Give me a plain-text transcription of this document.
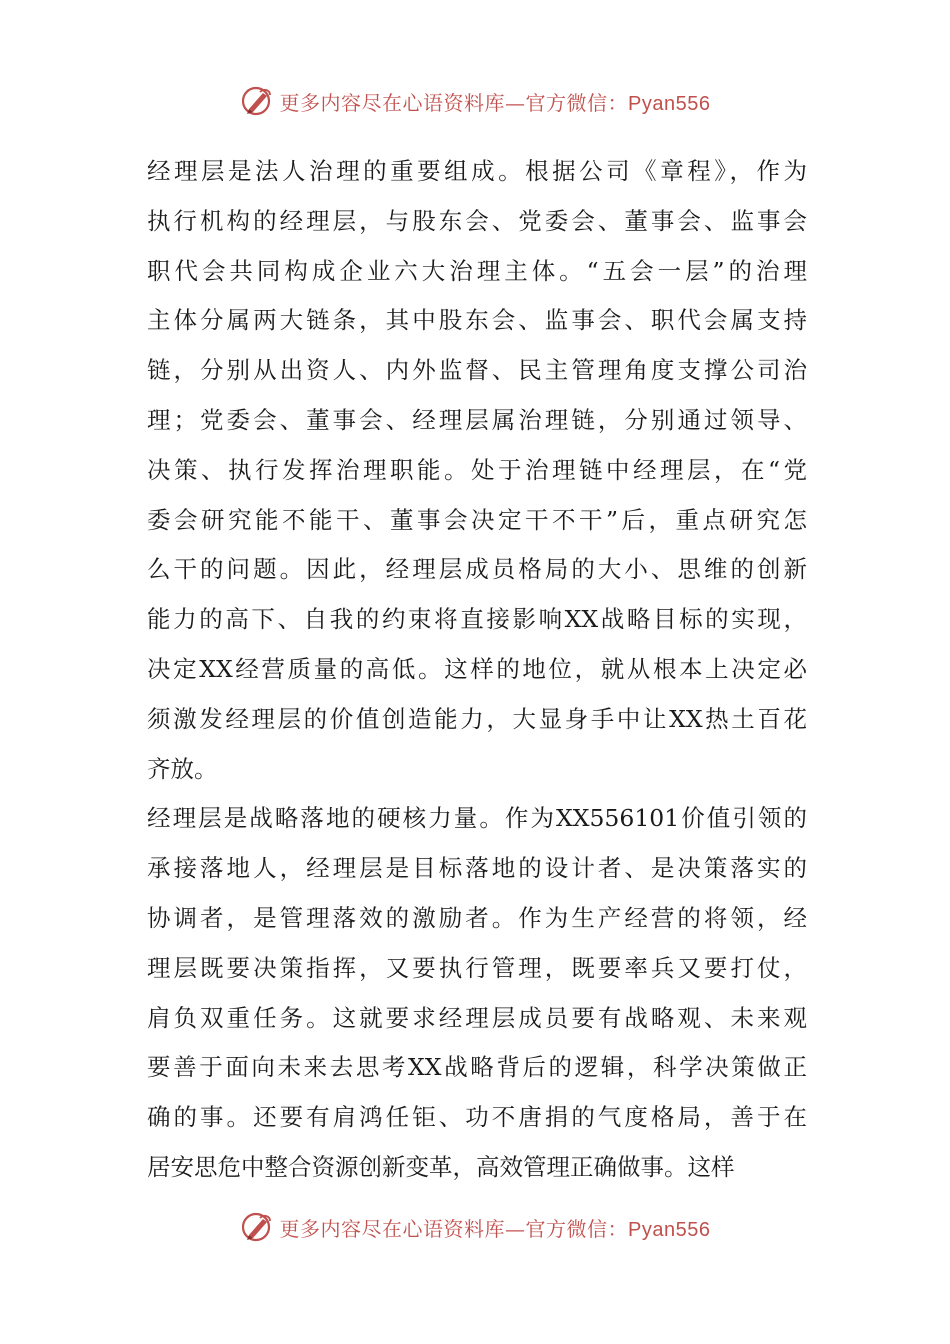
更多内容尽在心语资料库—官方微信：Pyan556
经理层是法人治理的重要组成。根据公司《章程》，作为
执行机构的经理层，与股东会、党委会、董事会、监事会
职代会共同构成企业六大治理主体。“五会一层”的治理
主体分属两大链条，其中股东会、监事会、职代会属支持
链，分别从出资人、内外监督、民主管理角度支撑公司治
理；党委会、董事会、经理层属治理链，分别通过领导、
决策、执行发挥治理职能。处于治理链中经理层，在“党
委会研究能不能干、董事会决定干不干”后，重点研究怎
么干的问题。因此，经理层成员格局的大小、思维的创新
能力的高下、自我的约束将直接影响XX战略目标的实现，
决定XX经营质量的高低。这样的地位，就从根本上决定必
须激发经理层的价值创造能力，大显身手中让XX热土百花
齐放。
经理层是战略落地的硬核力量。作为XX556101价值引领的
承接落地人，经理层是目标落地的设计者、是决策落实的
协调者，是管理落效的激励者。作为生产经营的将领，经
理层既要决策指挥，又要执行管理，既要率兵又要打仗，
肩负双重任务。这就要求经理层成员要有战略观、未来观
要善于面向未来去思考XX战略背后的逻辑，科学决策做正
确的事。还要有肩鸿任钜、功不唐捐的气度格局，善于在
居安思危中整合资源创新变革，高效管理正确做事。这样
更多内容尽在心语资料库—官方微信：Pyan556
